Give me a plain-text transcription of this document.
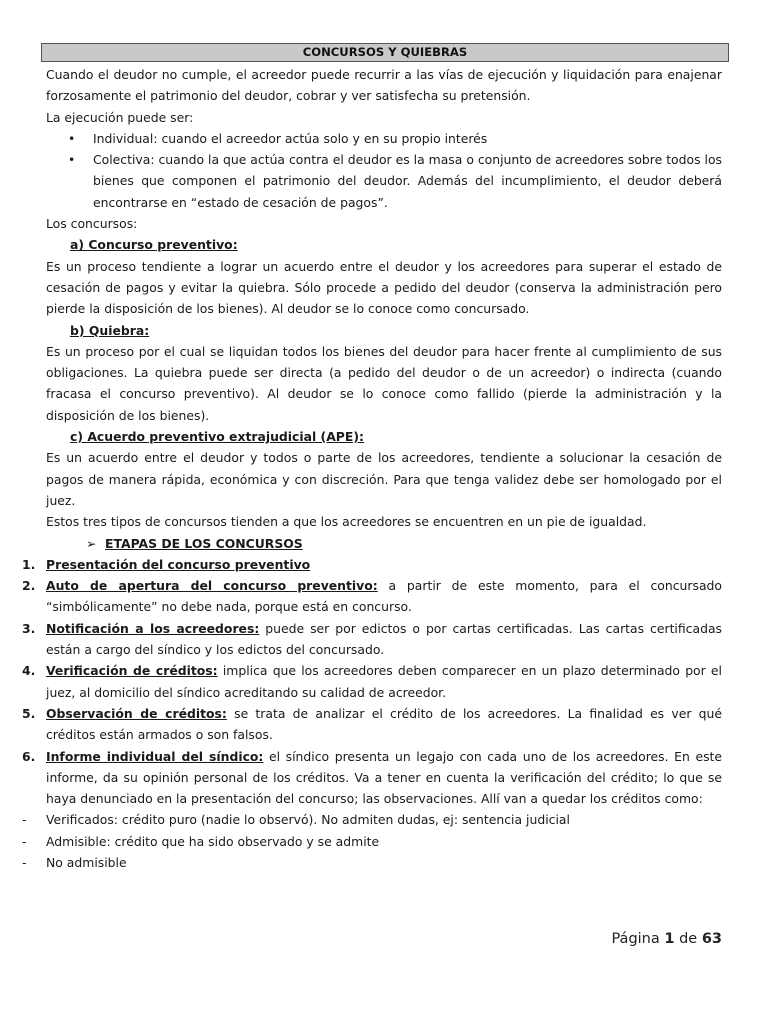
CONCURSOS Y QUIEBRAS

Cuando el deudor no cumple, el acreedor puede recurrir a las vías de ejecución y liquidación para enajenar forzosamente el patrimonio del deudor, cobrar y ver satisfecha su pretensión.

La ejecución puede ser:

• Individual: cuando el acreedor actúa solo y en su propio interés
• Colectiva: cuando la que actúa contra el deudor es la masa o conjunto de acreedores sobre todos los bienes que componen el patrimonio del deudor. Además del incumplimiento, el deudor deberá encontrarse en “estado de cesación de pagos”.

Los concursos:

a) Concurso preventivo:

Es un proceso tendiente a lograr un acuerdo entre el deudor y los acreedores para superar el estado de cesación de pagos y evitar la quiebra. Sólo procede a pedido del deudor (conserva la administración pero pierde la disposición de los bienes). Al deudor se lo conoce como concursado.

b) Quiebra:

Es un proceso por el cual se liquidan todos los bienes del deudor para hacer frente al cumplimiento de sus obligaciones. La quiebra puede ser directa (a pedido del deudor o de un acreedor) o indirecta (cuando fracasa el concurso preventivo). Al deudor se lo conoce como fallido (pierde la administración y la disposición de los bienes).

c) Acuerdo preventivo extrajudicial (APE):

Es un acuerdo entre el deudor y todos o parte de los acreedores, tendiente a solucionar la cesación de pagos de manera rápida, económica y con discreción. Para que tenga validez debe ser homologado por el juez.

Estos tres tipos de concursos tienden a que los acreedores se encuentren en un pie de igualdad.

➢ ETAPAS DE LOS CONCURSOS
1. Presentación del concurso preventivo
2. Auto de apertura del concurso preventivo: a partir de este momento, para el concursado “simbólicamente” no debe nada, porque está en concurso.
3. Notificación a los acreedores: puede ser por edictos o por cartas certificadas. Las cartas certificadas están a cargo del síndico y los edictos del concursado.
4. Verificación de créditos: implica que los acreedores deben comparecer en un plazo determinado por el juez, al domicilio del síndico acreditando su calidad de acreedor.
5. Observación de créditos: se trata de analizar el crédito de los acreedores. La finalidad es ver qué créditos están armados o son falsos.
6. Informe individual del síndico: el síndico presenta un legajo con cada uno de los acreedores. En este informe, da su opinión personal de los créditos. Va a tener en cuenta la verificación del crédito; lo que se haya denunciado en la presentación del concurso; las observaciones. Allí van a quedar los créditos como:
- Verificados: crédito puro (nadie lo observó). No admiten dudas, ej: sentencia judicial
- Admisible: crédito que ha sido observado y se admite
- No admisible
Página 1 de 63
